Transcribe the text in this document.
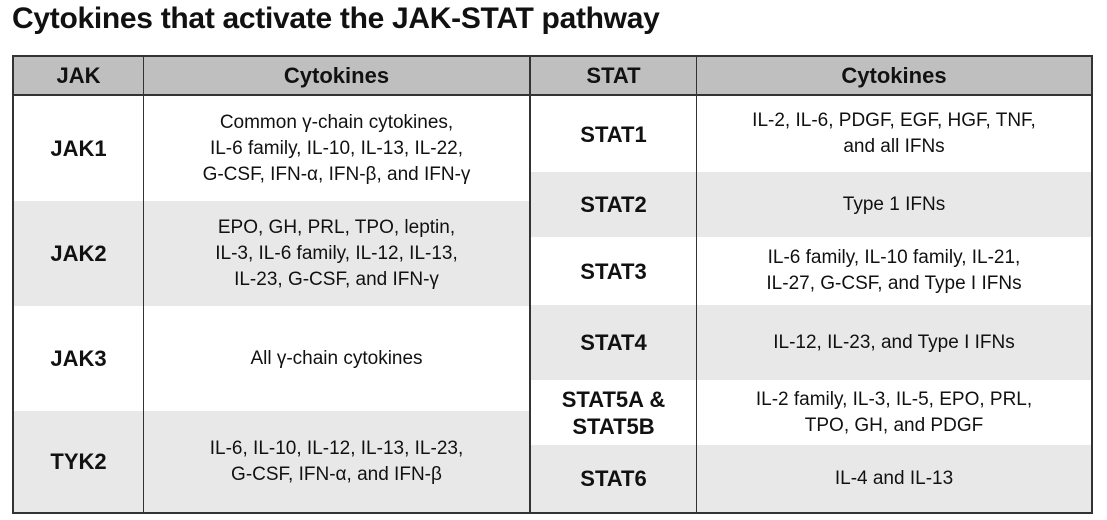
Cytokines that activate the JAK-STAT pathway
JAK	Cytokines
JAK1
Common γ-chain cytokines,
IL-6 family, IL-10, IL-13, IL-22,
G-CSF, IFN-α, IFN-β, and IFN-γ
JAK2
EPO, GH, PRL, TPO, leptin,
IL-3, IL-6 family, IL-12, IL-13,
IL-23, G-CSF, and IFN-γ
JAK3	All γ-chain cytokines
TYK2
IL-6, IL-10, IL-12, IL-13, IL-23,
G-CSF, IFN-α, and IFN-β
STAT	Cytokines
STAT1
IL-2, IL-6, PDGF, EGF, HGF, TNF,
and all IFNs
STAT2	Type 1 IFNs
STAT3
IL-6 family, IL-10 family, IL-21,
IL-27, G-CSF, and Type I IFNs
STAT4	IL-12, IL-23, and Type I IFNs
STAT5A &
STAT5B
IL-2 family, IL-3, IL-5, EPO, PRL,
TPO, GH, and PDGF
STAT6	IL-4 and IL-13
